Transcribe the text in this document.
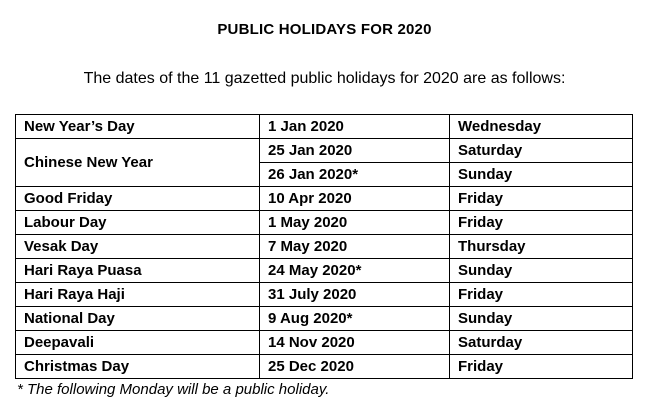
PUBLIC HOLIDAYS FOR 2020
The dates of the 11 gazetted public holidays for 2020 are as follows:
New Year’s Day	1 Jan 2020	Wednesday
Chinese New Year	25 Jan 2020	Saturday
	26 Jan 2020*	Sunday
Good Friday	10 Apr 2020	Friday
Labour Day	1 May 2020	Friday
Vesak Day	7 May 2020	Thursday
Hari Raya Puasa	24 May 2020*	Sunday
Hari Raya Haji	31 July 2020	Friday
National Day	9 Aug 2020*	Sunday
Deepavali	14 Nov 2020	Saturday
Christmas Day	25 Dec 2020	Friday
* The following Monday will be a public holiday.
